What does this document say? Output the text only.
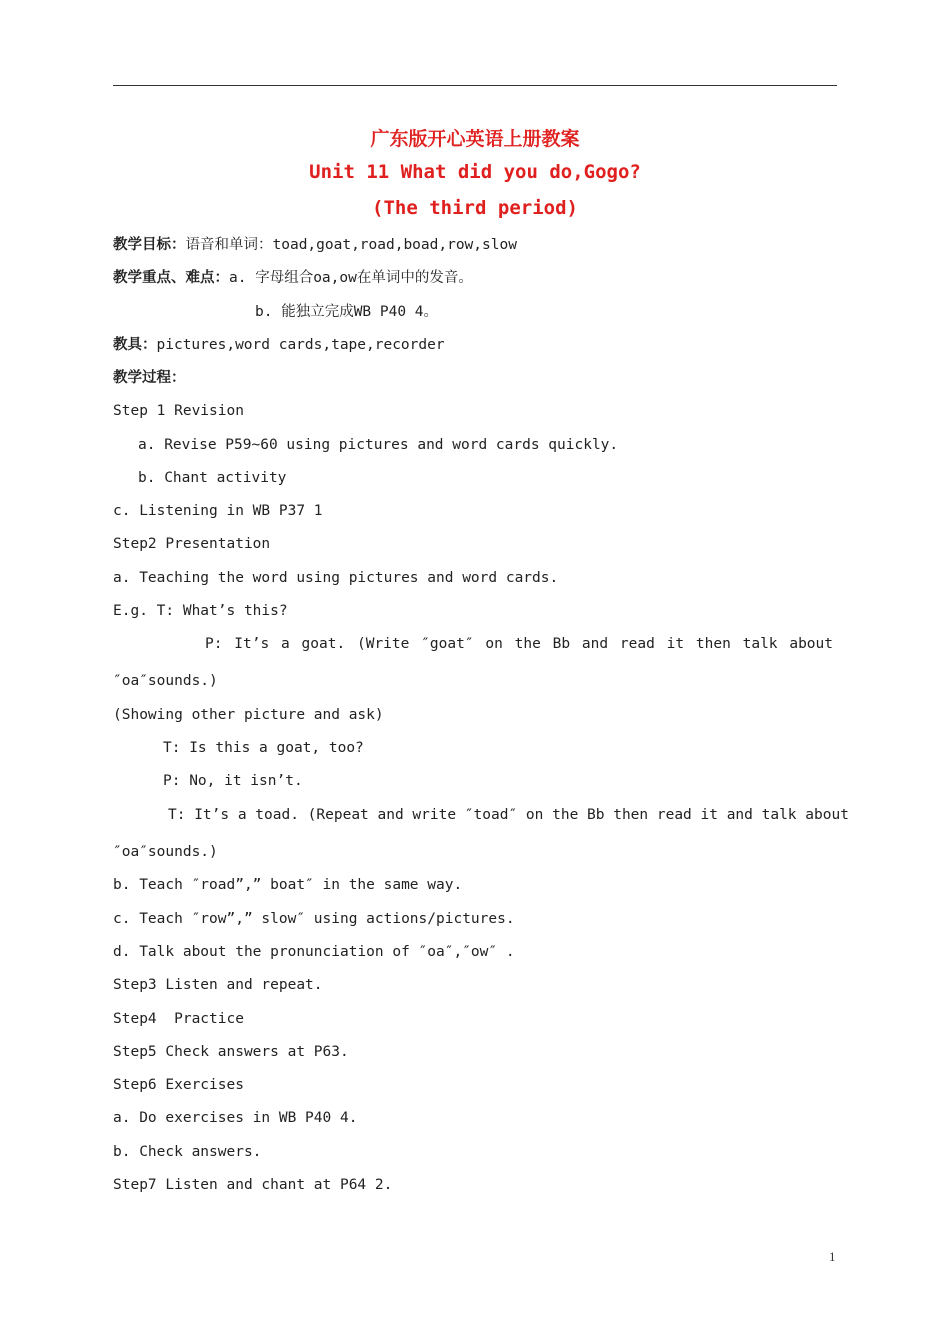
广东版开心英语上册教案
Unit 11 What did you do,Gogo?
(The third period)
教学目标：语音和单词：toad,goat,road,boad,row,slow
教学重点、难点：a. 字母组合oa,ow在单词中的发音。
b. 能独立完成WB P40 4。
教具：pictures,word cards,tape,recorder
教学过程：
Step 1 Revision
a. Revise P59~60 using pictures and word cards quickly.
b. Chant activity
c. Listening in WB P37 1
Step2 Presentation
a. Teaching the word using pictures and word cards.
E.g. T: What’s this?
P: It’s a goat. (Write ″goat″ on the Bb and read it then talk about
″oa″sounds.)
(Showing other picture and ask)
T: Is this a goat, too?
P: No, it isn’t.
T: It’s a toad. (Repeat and write ″toad″ on the Bb then read it and talk about
″oa″sounds.)
b. Teach ″road”,” boat″ in the same way.
c. Teach ″row”,” slow″ using actions/pictures.
d. Talk about the pronunciation of ″oa″,″ow″ .
Step3 Listen and repeat.
Step4  Practice
Step5 Check answers at P63.
Step6 Exercises
a. Do exercises in WB P40 4.
b. Check answers.
Step7 Listen and chant at P64 2.
1
